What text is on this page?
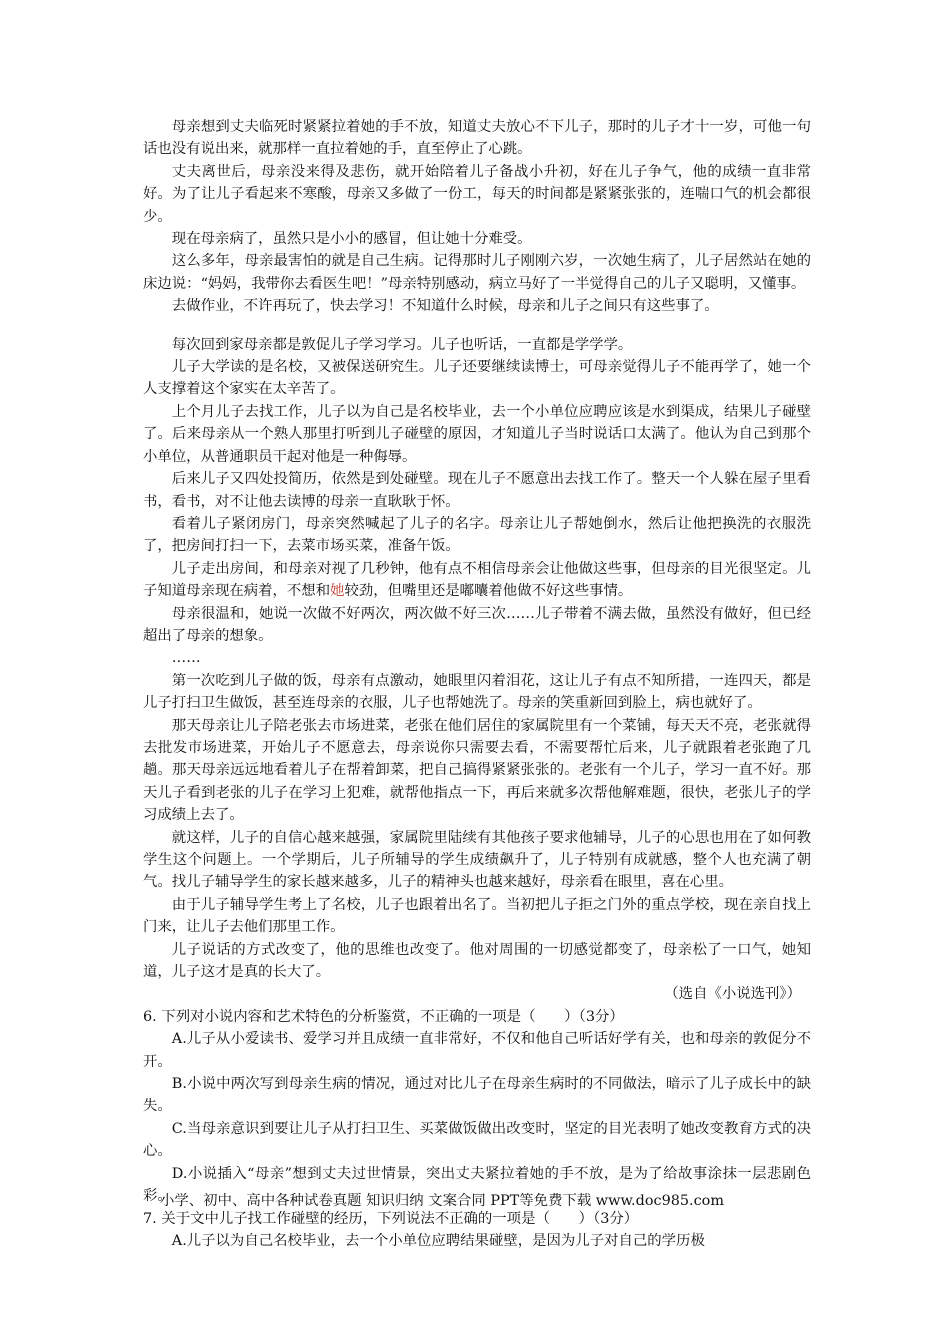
母亲想到丈夫临死时紧紧拉着她的手不放，知道丈夫放心不下儿子，那时的儿子才十一岁，可他一句话也没有说出来，就那样一直拉着她的手，直至停止了心跳。

丈夫离世后，母亲没来得及悲伤，就开始陪着儿子备战小升初，好在儿子争气，他的成绩一直非常好。为了让儿子看起来不寒酸，母亲又多做了一份工，每天的时间都是紧紧张张的，连喘口气的机会都很少。

现在母亲病了，虽然只是小小的感冒，但让她十分难受。

这么多年，母亲最害怕的就是自己生病。记得那时儿子刚刚六岁，一次她生病了，儿子居然站在她的床边说：“妈妈，我带你去看医生吧！”母亲特别感动，病立马好了一半觉得自己的儿子又聪明，又懂事。

去做作业，不许再玩了，快去学习！不知道什么时候，母亲和儿子之间只有这些事了。

每次回到家母亲都是敦促儿子学习学习。儿子也听话，一直都是学学学。

儿子大学读的是名校，又被保送研究生。儿子还要继续读博士，可母亲觉得儿子不能再学了，她一个人支撑着这个家实在太辛苦了。

上个月儿子去找工作，儿子以为自己是名校毕业，去一个小单位应聘应该是水到渠成，结果儿子碰壁了。后来母亲从一个熟人那里打听到儿子碰壁的原因，才知道儿子当时说话口太满了。他认为自己到那个小单位，从普通职员干起对他是一种侮辱。

后来儿子又四处投简历，依然是到处碰壁。现在儿子不愿意出去找工作了。整天一个人躲在屋子里看书，看书，对不让他去读博的母亲一直耿耿于怀。

看着儿子紧闭房门，母亲突然喊起了儿子的名字。母亲让儿子帮她倒水，然后让他把换洗的衣服洗了，把房间打扫一下，去菜市场买菜，准备午饭。

儿子走出房间，和母亲对视了几秒钟，他有点不相信母亲会让他做这些事，但母亲的目光很坚定。儿子知道母亲现在病着，不想和她较劲，但嘴里还是嘟囔着他做不好这些事情。

母亲很温和，她说一次做不好两次，两次做不好三次……儿子带着不满去做，虽然没有做好，但已经超出了母亲的想象。

……

第一次吃到儿子做的饭，母亲有点激动，她眼里闪着泪花，这让儿子有点不知所措，一连四天，都是儿子打扫卫生做饭，甚至连母亲的衣服，儿子也帮她洗了。母亲的笑重新回到脸上，病也就好了。

那天母亲让儿子陪老张去市场进菜，老张在他们居住的家属院里有一个菜铺，每天天不亮，老张就得去批发市场进菜，开始儿子不愿意去，母亲说你只需要去看，不需要帮忙后来，儿子就跟着老张跑了几趟。那天母亲远远地看着儿子在帮着卸菜，把自己搞得紧紧张张的。老张有一个儿子，学习一直不好。那天儿子看到老张的儿子在学习上犯难，就帮他指点一下，再后来就多次帮他解难题，很快，老张儿子的学习成绩上去了。

就这样，儿子的自信心越来越强，家属院里陆续有其他孩子要求他辅导，儿子的心思也用在了如何教学生这个问题上。一个学期后，儿子所辅导的学生成绩飙升了，儿子特别有成就感，整个人也充满了朝气。找儿子辅导学生的家长越来越多，儿子的精神头也越来越好，母亲看在眼里，喜在心里。

由于儿子辅导学生考上了名校，儿子也跟着出名了。当初把儿子拒之门外的重点学校，现在亲自找上门来，让儿子去他们那里工作。

儿子说话的方式改变了，他的思维也改变了。他对周围的一切感觉都变了，母亲松了一口气，她知道，儿子这才是真的长大了。

（选自《小说选刊》）

6. 下列对小说内容和艺术特色的分析鉴赏，不正确的一项是（　　）（3分）

A.儿子从小爱读书、爱学习并且成绩一直非常好，不仅和他自己听话好学有关，也和母亲的敦促分不开。

B.小说中两次写到母亲生病的情况，通过对比儿子在母亲生病时的不同做法，暗示了儿子成长中的缺失。

C.当母亲意识到要让儿子从打扫卫生、买菜做饭做出改变时，坚定的目光表明了她改变教育方式的决心。

D.小说插入“母亲”想到丈夫过世情景，突出丈夫紧拉着她的手不放，是为了给故事涂抹一层悲剧色彩。

7. 关于文中儿子找工作碰壁的经历，下列说法不正确的一项是（　　）（3分）

A.儿子以为自己名校毕业，去一个小单位应聘结果碰壁，是因为儿子对自己的学历极

小学、初中、高中各种试卷真题 知识归纳 文案合同 PPT等免费下载 www.doc985.com
